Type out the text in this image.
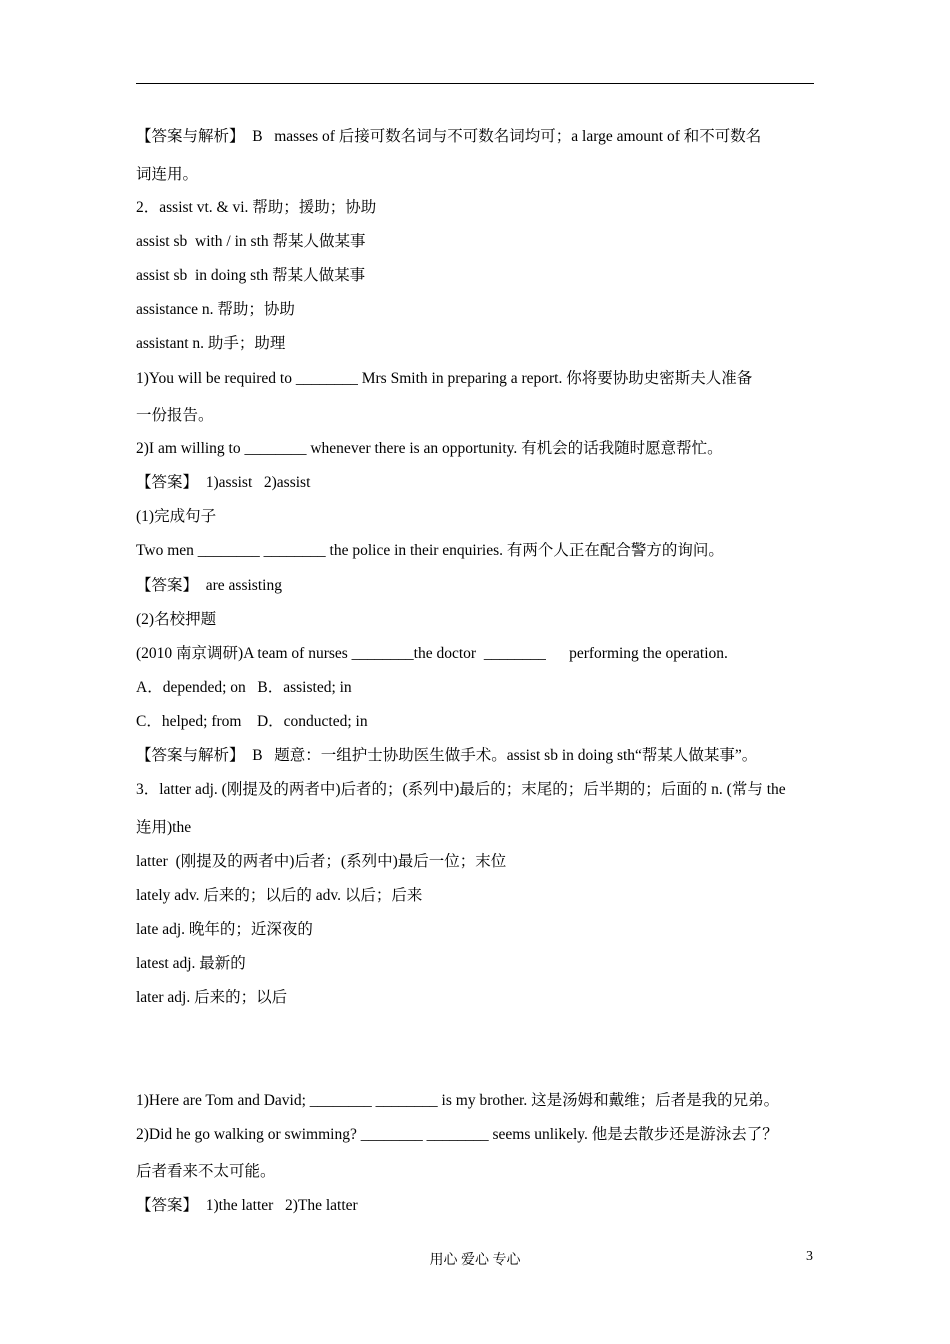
【答案与解析】  B   masses of 后接可数名词与不可数名词均可；a large amount of 和不可数名
词连用。
2．assist vt. & vi. 帮助；援助；协助
assist sb  with / in sth 帮某人做某事
assist sb  in doing sth 帮某人做某事
assistance n. 帮助；协助
assistant n. 助手；助理
1)You will be required to ________ Mrs Smith in preparing a report. 你将要协助史密斯夫人准备
一份报告。
2)I am willing to ________ whenever there is an opportunity. 有机会的话我随时愿意帮忙。
【答案】  1)assist   2)assist
(1)完成句子
Two men ________ ________ the police in their enquiries. 有两个人正在配合警方的询问。
【答案】  are assisting
(2)名校押题
(2010 南京调研)A team of nurses ________the doctor  ________      performing the operation.
A．depended; on   B．assisted; in
C．helped; from    D．conducted; in
【答案与解析】  B   题意：一组护士协助医生做手术。assist sb in doing sth“帮某人做某事”。
3．latter adj. (刚提及的两者中)后者的；(系列中)最后的；末尾的；后半期的；后面的 n. (常与 the
连用)the
latter  (刚提及的两者中)后者；(系列中)最后一位；末位
lately adv. 后来的；以后的 adv. 以后；后来
late adj. 晚年的；近深夜的
latest adj. 最新的
later adj. 后来的；以后
1)Here are Tom and David; ________ ________ is my brother. 这是汤姆和戴维；后者是我的兄弟。
2)Did he go walking or swimming? ________ ________ seems unlikely. 他是去散步还是游泳去了？
后者看来不太可能。
【答案】  1)the latter   2)The latter
用心 爱心 专心	3
